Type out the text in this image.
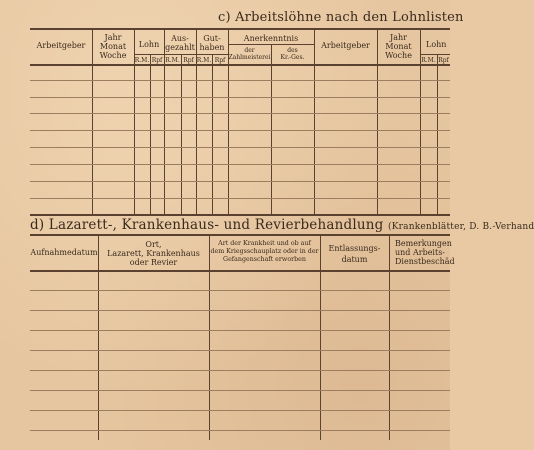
c) Arbeitslöhne nach den Lohnlisten
Arbeitgeber
Jahr
Monat
Woche
Lohn
Aus-
gezahlt
Gut-
haben
Anerkenntnis
der
Zahlmeisterei
des
Kr.-Ges.
Arbeitgeber
Jahr
Monat
Woche
Lohn
R.M. Rpf R.M. Rpf R.M. Rpf	R.M. Rpf
d) Lazarett-, Krankenhaus- und Revierbehandlung (Krankenblätter, D. B.-Verhand
Aufnahmedatum
Ort,
Lazarett, Krankenhaus
oder Revier
Art der Krankheit und ob auf
dem Kriegsschauplatz oder in der
Gefangenschaft erworben
Entlassungs-
datum
Bemerkungen
und Arbeits-
Dienstbeschäd
